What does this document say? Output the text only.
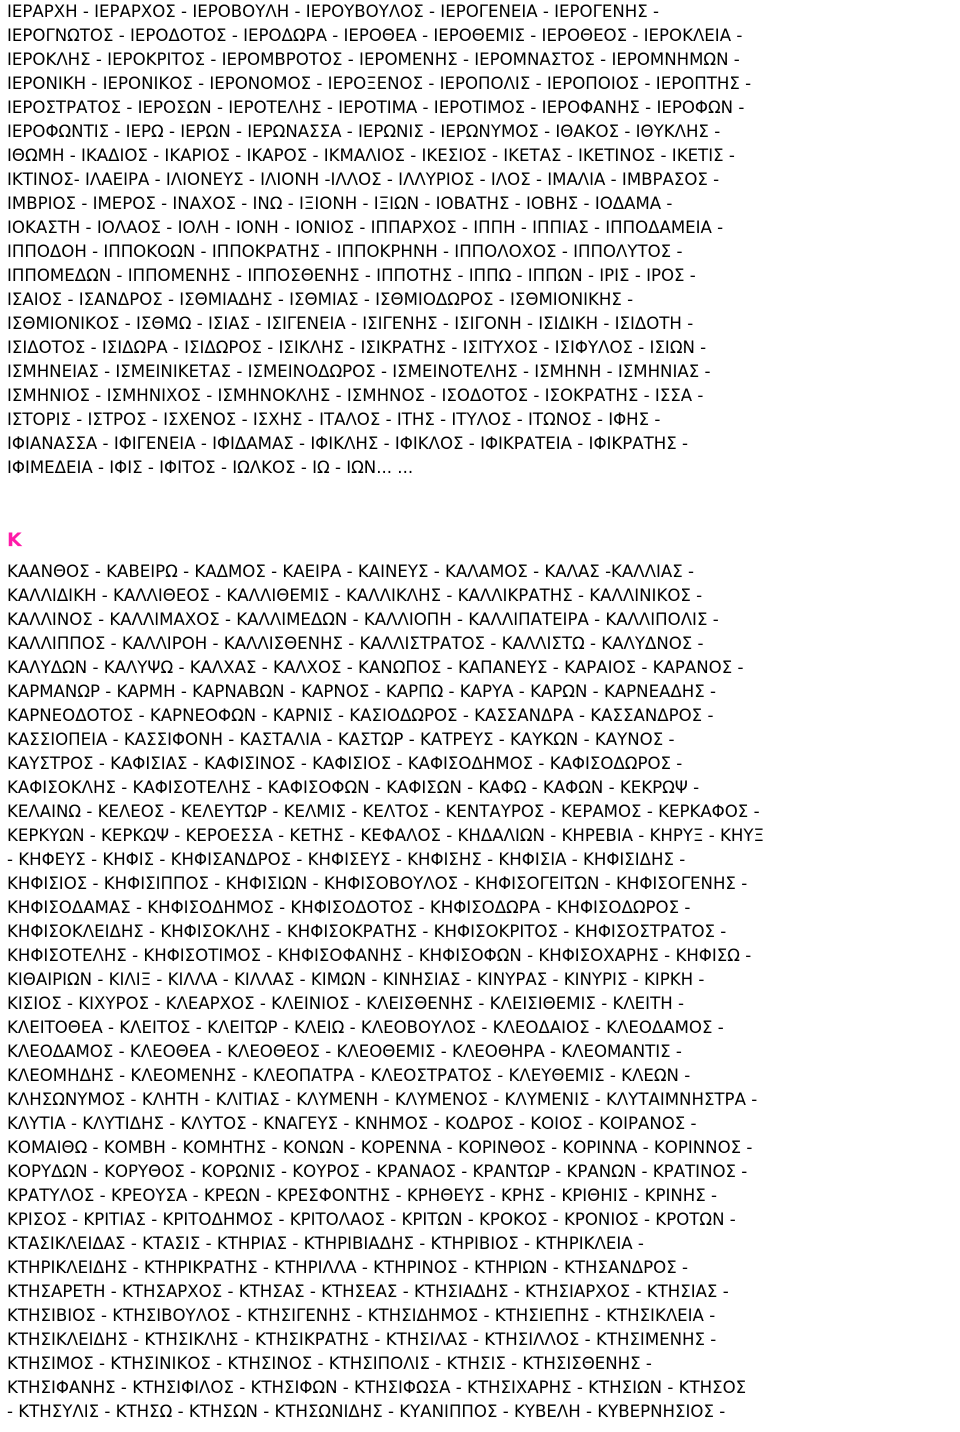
ΙΕΡΑΡΧΗ - ΙΕΡΑΡΧΟΣ - ΙΕΡΟΒΟΥΛΗ - ΙΕΡΟΥΒΟΥΛΟΣ - ΙΕΡΟΓΕΝΕΙΑ - ΙΕΡΟΓΕΝΗΣ -
ΙΕΡΟΓΝΩΤΟΣ - ΙΕΡΟΔΟΤΟΣ - ΙΕΡΟΔΩΡΑ - ΙΕΡΟΘΕΑ - ΙΕΡΟΘΕΜΙΣ - ΙΕΡΟΘΕΟΣ - ΙΕΡΟΚΛΕΙΑ -
ΙΕΡΟΚΛΗΣ - ΙΕΡΟΚΡΙΤΟΣ - ΙΕΡΟΜΒΡΟΤΟΣ - ΙΕΡΟΜΕΝΗΣ - ΙΕΡΟΜΝΑΣΤΟΣ - ΙΕΡΟΜΝΗΜΩΝ -
ΙΕΡΟΝΙΚΗ - ΙΕΡΟΝΙΚΟΣ - ΙΕΡΟΝΟΜΟΣ - ΙΕΡΟΞΕΝΟΣ - ΙΕΡΟΠΟΛΙΣ - ΙΕΡΟΠΟΙΟΣ - ΙΕΡΟΠΤΗΣ -
ΙΕΡΟΣΤΡΑΤΟΣ - ΙΕΡΟΣΩΝ - ΙΕΡΟΤΕΛΗΣ - ΙΕΡΟΤΙΜΑ - ΙΕΡΟΤΙΜΟΣ - ΙΕΡΟΦΑΝΗΣ - ΙΕΡΟΦΩΝ -
ΙΕΡΟΦΩΝΤΙΣ - ΙΕΡΩ - ΙΕΡΩΝ - ΙΕΡΩΝΑΣΣΑ - ΙΕΡΩΝΙΣ - ΙΕΡΩΝΥΜΟΣ - ΙΘΑΚΟΣ - ΙΘΥΚΛΗΣ -
ΙΘΩΜΗ - ΙΚΑΔΙΟΣ - ΙΚΑΡΙΟΣ - ΙΚΑΡΟΣ - ΙΚΜΑΛΙΟΣ - ΙΚΕΣΙΟΣ - ΙΚΕΤΑΣ - ΙΚΕΤΙΝΟΣ - ΙΚΕΤΙΣ -
ΙΚΤΙΝΟΣ- ΙΛΑΕΙΡΑ - ΙΛΙΟΝΕΥΣ - ΙΛΙΟΝΗ -ΙΛΛΟΣ - ΙΛΛΥΡΙΟΣ - ΙΛΟΣ - ΙΜΑΛΙΑ - ΙΜΒΡΑΣΟΣ -
ΙΜΒΡΙΟΣ - ΙΜΕΡΟΣ - ΙΝΑΧΟΣ - ΙΝΩ - ΙΞΙΟΝΗ - ΙΞΙΩΝ - ΙΟΒΑΤΗΣ - ΙΟΒΗΣ - ΙΟΔΑΜΑ -
ΙΟΚΑΣΤΗ - ΙΟΛΑΟΣ - ΙΟΛΗ - ΙΟΝΗ - ΙΟΝΙΟΣ - ΙΠΠΑΡΧΟΣ - ΙΠΠΗ - ΙΠΠΙΑΣ - ΙΠΠΟΔΑΜΕΙΑ -
ΙΠΠΟΔΟΗ - ΙΠΠΟΚΟΩΝ - ΙΠΠΟΚΡΑΤΗΣ - ΙΠΠΟΚΡΗΝΗ - ΙΠΠΟΛΟΧΟΣ - ΙΠΠΟΛΥΤΟΣ -
ΙΠΠΟΜΕΔΩΝ - ΙΠΠΟΜΕΝΗΣ - ΙΠΠΟΣΘΕΝΗΣ - ΙΠΠΟΤΗΣ - ΙΠΠΩ - ΙΠΠΩΝ - ΙΡΙΣ - ΙΡΟΣ -
ΙΣΑΙΟΣ - ΙΣΑΝΔΡΟΣ - ΙΣΘΜΙΑΔΗΣ - ΙΣΘΜΙΑΣ - ΙΣΘΜΙΟΔΩΡΟΣ - ΙΣΘΜΙΟΝΙΚΗΣ -
ΙΣΘΜΙΟΝΙΚΟΣ - ΙΣΘΜΩ - ΙΣΙΑΣ - ΙΣΙΓΕΝΕΙΑ - ΙΣΙΓΕΝΗΣ - ΙΣΙΓΟΝΗ - ΙΣΙΔΙΚΗ - ΙΣΙΔΟΤΗ -
ΙΣΙΔΟΤΟΣ - ΙΣΙΔΩΡΑ - ΙΣΙΔΩΡΟΣ - ΙΣΙΚΛΗΣ - ΙΣΙΚΡΑΤΗΣ - ΙΣΙΤΥΧΟΣ - ΙΣΙΦΥΛΟΣ - ΙΣΙΩΝ -
ΙΣΜΗΝΕΙΑΣ - ΙΣΜΕΙΝΙΚΕΤΑΣ - ΙΣΜΕΙΝΟΔΩΡΟΣ - ΙΣΜΕΙΝΟΤΕΛΗΣ - ΙΣΜΗΝΗ - ΙΣΜΗΝΙΑΣ -
ΙΣΜΗΝΙΟΣ - ΙΣΜΗΝΙΧΟΣ - ΙΣΜΗΝΟΚΛΗΣ - ΙΣΜΗΝΟΣ - ΙΣΟΔΟΤΟΣ - ΙΣΟΚΡΑΤΗΣ - ΙΣΣΑ -
ΙΣΤΟΡΙΣ - ΙΣΤΡΟΣ - ΙΣΧΕΝΟΣ - ΙΣΧΗΣ - ΙΤΑΛΟΣ - ΙΤΗΣ - ΙΤΥΛΟΣ - ΙΤΩΝΟΣ - ΙΦΗΣ -
ΙΦΙΑΝΑΣΣΑ - ΙΦΙΓΕΝΕΙΑ - ΙΦΙΔΑΜΑΣ - ΙΦΙΚΛΗΣ - ΙΦΙΚΛΟΣ - ΙΦΙΚΡΑΤΕΙΑ - ΙΦΙΚΡΑΤΗΣ -
ΙΦΙΜΕΔΕΙΑ - ΙΦΙΣ - ΙΦΙΤΟΣ - ΙΩΛΚΟΣ - ΙΩ - ΙΩΝ... ...
Κ
ΚΑΑΝΘΟΣ - ΚΑΒΕΙΡΩ - ΚΑΔΜΟΣ - ΚΑΕΙΡΑ - ΚΑΙΝΕΥΣ - ΚΑΛΑΜΟΣ - ΚΑΛΑΣ -ΚΑΛΛΙΑΣ -
ΚΑΛΛΙΔΙΚΗ - ΚΑΛΛΙΘΕΟΣ - ΚΑΛΛΙΘΕΜΙΣ - ΚΑΛΛΙΚΛΗΣ - ΚΑΛΛΙΚΡΑΤΗΣ - ΚΑΛΛΙΝΙΚΟΣ -
ΚΑΛΛΙΝΟΣ - ΚΑΛΛΙΜΑΧΟΣ - ΚΑΛΛΙΜΕΔΩΝ - ΚΑΛΛΙΟΠΗ - ΚΑΛΛΙΠΑΤΕΙΡΑ - ΚΑΛΛΙΠΟΛΙΣ -
ΚΑΛΛΙΠΠΟΣ - ΚΑΛΛΙΡΟΗ - ΚΑΛΛΙΣΘΕΝΗΣ - ΚΑΛΛΙΣΤΡΑΤΟΣ - ΚΑΛΛΙΣΤΩ - ΚΑΛΥΔΝΟΣ -
ΚΑΛΥΔΩΝ - ΚΑΛΥΨΩ - ΚΑΛΧΑΣ - ΚΑΛΧΟΣ - ΚΑΝΩΠΟΣ - ΚΑΠΑΝΕΥΣ - ΚΑΡΑΙΟΣ - ΚΑΡΑΝΟΣ -
ΚΑΡΜΑΝΩΡ - ΚΑΡΜΗ - ΚΑΡΝΑΒΩΝ - ΚΑΡΝΟΣ - ΚΑΡΠΩ - ΚΑΡΥΑ - ΚΑΡΩΝ - ΚΑΡΝΕΑΔΗΣ -
ΚΑΡΝΕΟΔΟΤΟΣ - ΚΑΡΝΕΟΦΩΝ - ΚΑΡΝΙΣ - ΚΑΣΙΟΔΩΡΟΣ - ΚΑΣΣΑΝΔΡΑ - ΚΑΣΣΑΝΔΡΟΣ -
ΚΑΣΣΙΟΠΕΙΑ - ΚΑΣΣΙΦΟΝΗ - ΚΑΣΤΑΛΙΑ - ΚΑΣΤΩΡ - ΚΑΤΡΕΥΣ - ΚΑΥΚΩΝ - ΚΑΥΝΟΣ -
ΚΑΥΣΤΡΟΣ - ΚΑΦΙΣΙΑΣ - ΚΑΦΙΣΙΝΟΣ - ΚΑΦΙΣΙΟΣ - ΚΑΦΙΣΟΔΗΜΟΣ - ΚΑΦΙΣΟΔΩΡΟΣ -
ΚΑΦΙΣΟΚΛΗΣ - ΚΑΦΙΣΟΤΕΛΗΣ - ΚΑΦΙΣΟΦΩΝ - ΚΑΦΙΣΩΝ - ΚΑΦΩ - ΚΑΦΩΝ - ΚΕΚΡΩΨ -
ΚΕΛΑΙΝΩ - ΚΕΛΕΟΣ - ΚΕΛΕΥΤΩΡ - ΚΕΛΜΙΣ - ΚΕΛΤΟΣ - ΚΕΝΤΑΥΡΟΣ - ΚΕΡΑΜΟΣ - ΚΕΡΚΑΦΟΣ -
ΚΕΡΚΥΩΝ - ΚΕΡΚΩΨ - ΚΕΡΟΕΣΣΑ - ΚΕΤΗΣ - ΚΕΦΑΛΟΣ - ΚΗΔΑΛΙΩΝ - ΚΗΡΕΒΙΑ - ΚΗΡΥΞ - ΚΗΥΞ
- ΚΗΦΕΥΣ - ΚΗΦΙΣ - ΚΗΦΙΣΑΝΔΡΟΣ - ΚΗΦΙΣΕΥΣ - ΚΗΦΙΣΗΣ - ΚΗΦΙΣΙΑ - ΚΗΦΙΣΙΔΗΣ -
ΚΗΦΙΣΙΟΣ - ΚΗΦΙΣΙΠΠΟΣ - ΚΗΦΙΣΙΩΝ - ΚΗΦΙΣΟΒΟΥΛΟΣ - ΚΗΦΙΣΟΓΕΙΤΩΝ - ΚΗΦΙΣΟΓΕΝΗΣ -
ΚΗΦΙΣΟΔΑΜΑΣ - ΚΗΦΙΣΟΔΗΜΟΣ - ΚΗΦΙΣΟΔΟΤΟΣ - ΚΗΦΙΣΟΔΩΡΑ - ΚΗΦΙΣΟΔΩΡΟΣ -
ΚΗΦΙΣΟΚΛΕΙΔΗΣ - ΚΗΦΙΣΟΚΛΗΣ - ΚΗΦΙΣΟΚΡΑΤΗΣ - ΚΗΦΙΣΟΚΡΙΤΟΣ - ΚΗΦΙΣΟΣΤΡΑΤΟΣ -
ΚΗΦΙΣΟΤΕΛΗΣ - ΚΗΦΙΣΟΤΙΜΟΣ - ΚΗΦΙΣΟΦΑΝΗΣ - ΚΗΦΙΣΟΦΩΝ - ΚΗΦΙΣΟΧΑΡΗΣ - ΚΗΦΙΣΩ -
ΚΙΘΑΙΡΙΩΝ - ΚΙΛΙΞ - ΚΙΛΛΑ - ΚΙΛΛΑΣ - ΚΙΜΩΝ - ΚΙΝΗΣΙΑΣ - ΚΙΝΥΡΑΣ - ΚΙΝΥΡΙΣ - ΚΙΡΚΗ -
ΚΙΣΙΟΣ - ΚΙΧΥΡΟΣ - ΚΛΕΑΡΧΟΣ - ΚΛΕΙΝΙΟΣ - ΚΛΕΙΣΘΕΝΗΣ - ΚΛΕΙΣΙΘΕΜΙΣ - ΚΛΕΙΤΗ -
ΚΛΕΙΤΟΘΕΑ - ΚΛΕΙΤΟΣ - ΚΛΕΙΤΩΡ - ΚΛΕΙΩ - ΚΛΕΟΒΟΥΛΟΣ - ΚΛΕΟΔΑΙΟΣ - ΚΛΕΟΔΑΜΟΣ -
ΚΛΕΟΔΑΜΟΣ - ΚΛΕΟΘΕΑ - ΚΛΕΟΘΕΟΣ - ΚΛΕΟΘΕΜΙΣ - ΚΛΕΟΘΗΡΑ - ΚΛΕΟΜΑΝΤΙΣ -
ΚΛΕΟΜΗΔΗΣ - ΚΛΕΟΜΕΝΗΣ - ΚΛΕΟΠΑΤΡΑ - ΚΛΕΟΣΤΡΑΤΟΣ - ΚΛΕΥΘΕΜΙΣ - ΚΛΕΩΝ -
ΚΛΗΣΩΝΥΜΟΣ - ΚΛΗΤΗ - ΚΛΙΤΙΑΣ - ΚΛΥΜΕΝΗ - ΚΛΥΜΕΝΟΣ - ΚΛΥΜΕΝΙΣ - ΚΛΥΤΑΙΜΝΗΣΤΡΑ -
ΚΛΥΤΙΑ - ΚΛΥΤΙΔΗΣ - ΚΛΥΤΟΣ - ΚΝΑΓΕΥΣ - ΚΝΗΜΟΣ - ΚΟΔΡΟΣ - ΚΟΙΟΣ - ΚΟΙΡΑΝΟΣ -
ΚΟΜΑΙΘΩ - ΚΟΜΒΗ - ΚΟΜΗΤΗΣ - ΚΟΝΩΝ - ΚΟΡΕΝΝΑ - ΚΟΡΙΝΘΟΣ - ΚΟΡΙΝΝΑ - ΚΟΡΙΝΝΟΣ -
ΚΟΡΥΔΩΝ - ΚΟΡΥΘΟΣ - ΚΟΡΩΝΙΣ - ΚΟΥΡΟΣ - ΚΡΑΝΑΟΣ - ΚΡΑΝΤΩΡ - ΚΡΑΝΩΝ - ΚΡΑΤΙΝΟΣ -
ΚΡΑΤΥΛΟΣ - ΚΡΕΟΥΣΑ - ΚΡΕΩΝ - ΚΡΕΣΦΟΝΤΗΣ - ΚΡΗΘΕΥΣ - ΚΡΗΣ - ΚΡΙΘΗΙΣ - ΚΡΙΝΗΣ -
ΚΡΙΣΟΣ - ΚΡΙΤΙΑΣ - ΚΡΙΤΟΔΗΜΟΣ - ΚΡΙΤΟΛΑΟΣ - ΚΡΙΤΩΝ - ΚΡΟΚΟΣ - ΚΡΟΝΙΟΣ - ΚΡΟΤΩΝ -
ΚΤΑΣΙΚΛΕΙΔΑΣ - ΚΤΑΣΙΣ - ΚΤΗΡΙΑΣ - ΚΤΗΡΙΒΙΑΔΗΣ - ΚΤΗΡΙΒΙΟΣ - ΚΤΗΡΙΚΛΕΙΑ -
ΚΤΗΡΙΚΛΕΙΔΗΣ - ΚΤΗΡΙΚΡΑΤΗΣ - ΚΤΗΡΙΛΛΑ - ΚΤΗΡΙΝΟΣ - ΚΤΗΡΙΩΝ - ΚΤΗΣΑΝΔΡΟΣ -
ΚΤΗΣΑΡΕΤΗ - ΚΤΗΣΑΡΧΟΣ - ΚΤΗΣΑΣ - ΚΤΗΣΕΑΣ - ΚΤΗΣΙΑΔΗΣ - ΚΤΗΣΙΑΡΧΟΣ - ΚΤΗΣΙΑΣ -
ΚΤΗΣΙΒΙΟΣ - ΚΤΗΣΙΒΟΥΛΟΣ - ΚΤΗΣΙΓΕΝΗΣ - ΚΤΗΣΙΔΗΜΟΣ - ΚΤΗΣΙΕΠΗΣ - ΚΤΗΣΙΚΛΕΙΑ -
ΚΤΗΣΙΚΛΕΙΔΗΣ - ΚΤΗΣΙΚΛΗΣ - ΚΤΗΣΙΚΡΑΤΗΣ - ΚΤΗΣΙΛΑΣ - ΚΤΗΣΙΛΛΟΣ - ΚΤΗΣΙΜΕΝΗΣ -
ΚΤΗΣΙΜΟΣ - ΚΤΗΣΙΝΙΚΟΣ - ΚΤΗΣΙΝΟΣ - ΚΤΗΣΙΠΟΛΙΣ - ΚΤΗΣΙΣ - ΚΤΗΣΙΣΘΕΝΗΣ -
ΚΤΗΣΙΦΑΝΗΣ - ΚΤΗΣΙΦΙΛΟΣ - ΚΤΗΣΙΦΩΝ - ΚΤΗΣΙΦΩΣΑ - ΚΤΗΣΙΧΑΡΗΣ - ΚΤΗΣΙΩΝ - ΚΤΗΣΟΣ
- ΚΤΗΣΥΛΙΣ - ΚΤΗΣΩ - ΚΤΗΣΩΝ - ΚΤΗΣΩΝΙΔΗΣ - ΚΥΑΝΙΠΠΟΣ - ΚΥΒΕΛΗ - ΚΥΒΕΡΝΗΣΙΟΣ -
